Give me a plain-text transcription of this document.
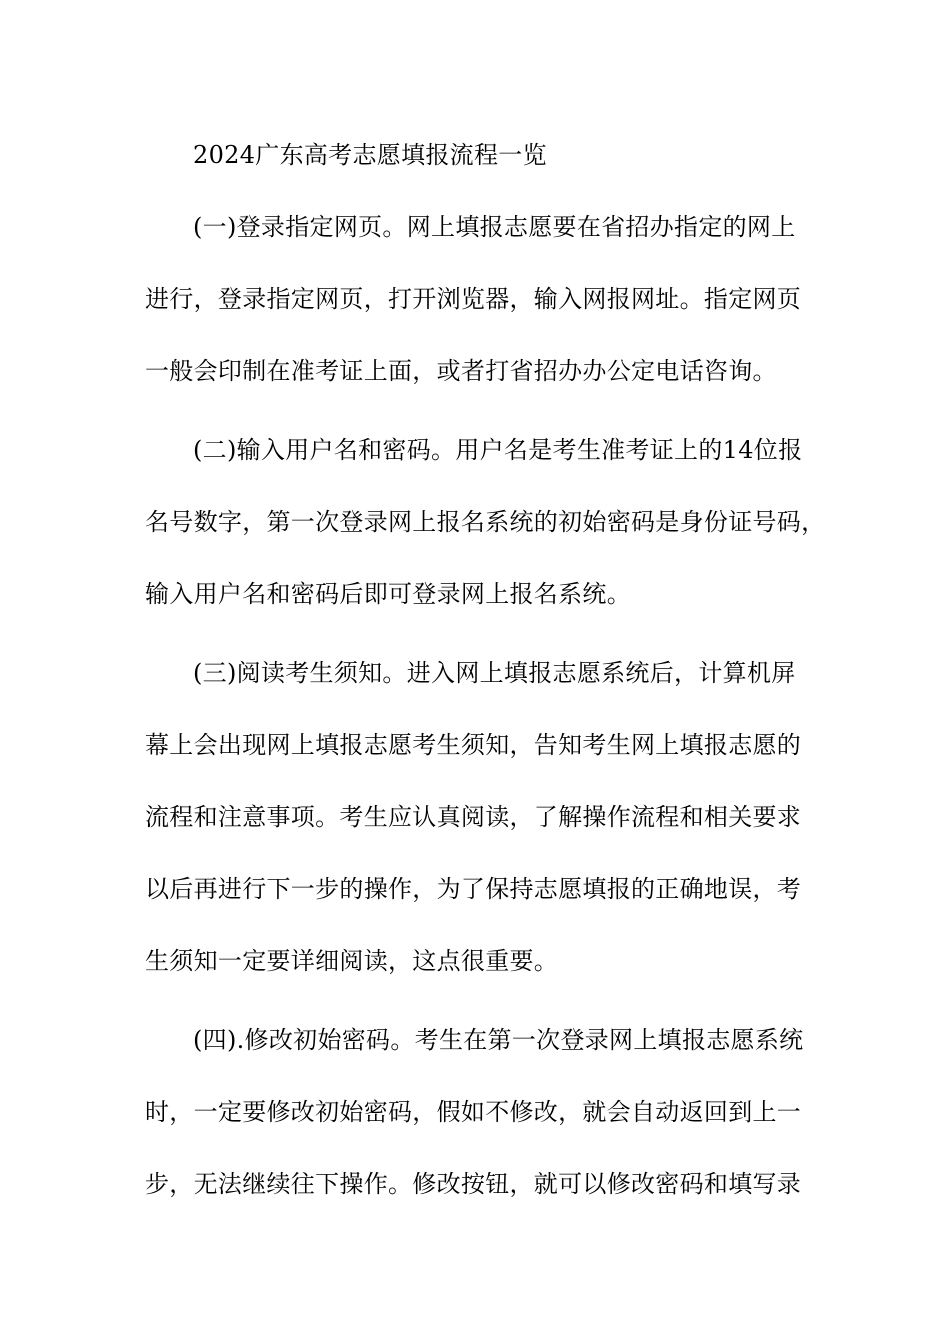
2024广东高考志愿填报流程一览
(一)登录指定网页。网上填报志愿要在省招办指定的网上
进行，登录指定网页，打开浏览器，输入网报网址。指定网页
一般会印制在准考证上面，或者打省招办办公定电话咨询。
(二)输入用户名和密码。用户名是考生准考证上的14位报
名号数字，第一次登录网上报名系统的初始密码是身份证号码，
输入用户名和密码后即可登录网上报名系统。
(三)阅读考生须知。进入网上填报志愿系统后，计算机屏
幕上会出现网上填报志愿考生须知，告知考生网上填报志愿的
流程和注意事项。考生应认真阅读，了解操作流程和相关要求
以后再进行下一步的操作，为了保持志愿填报的正确地误，考
生须知一定要详细阅读，这点很重要。
(四).修改初始密码。考生在第一次登录网上填报志愿系统
时，一定要修改初始密码，假如不修改，就会自动返回到上一
步，无法继续往下操作。修改按钮，就可以修改密码和填写录
